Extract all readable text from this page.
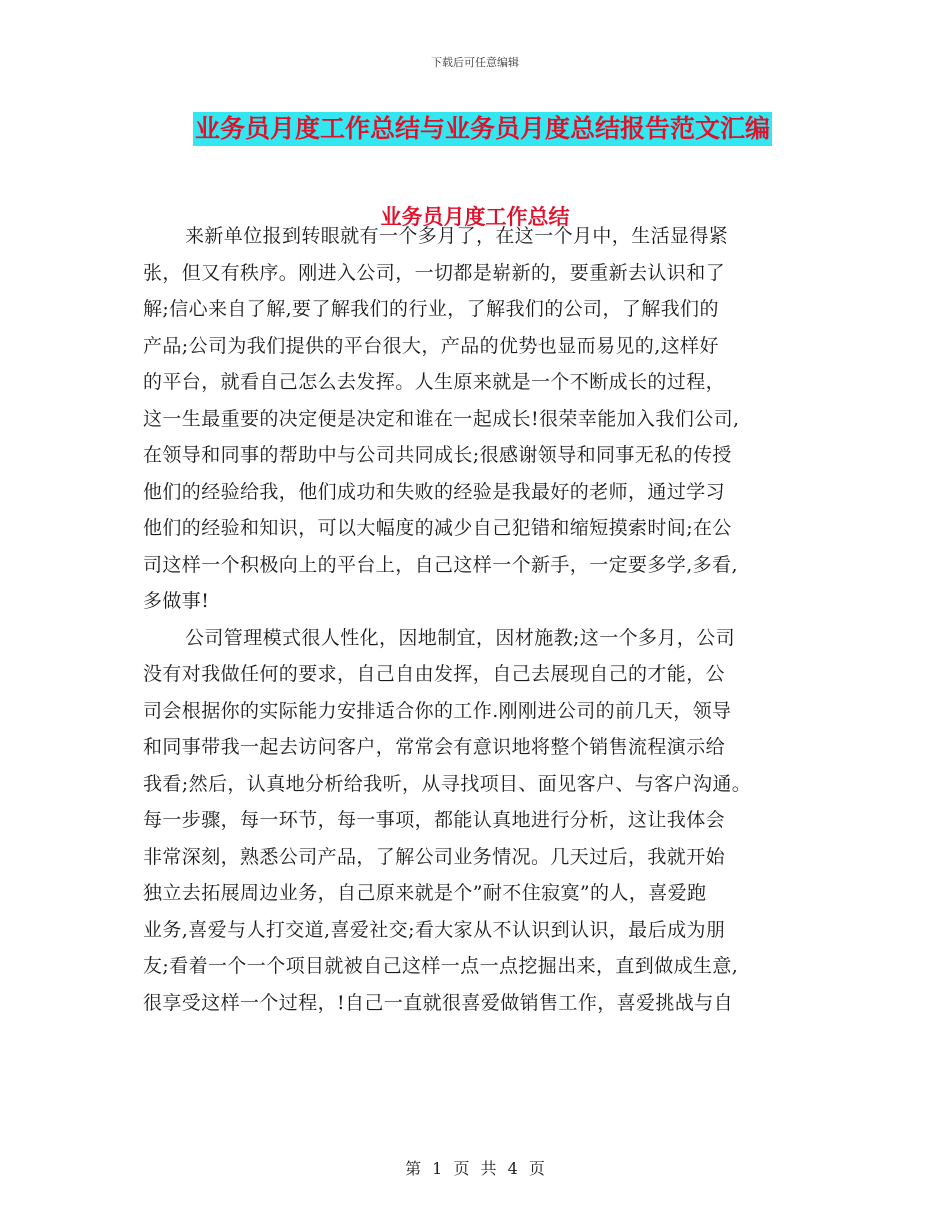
下载后可任意编辑
业务员月度工作总结与业务员月度总结报告范文汇编
业务员月度工作总结
来新单位报到转眼就有一个多月了，在这一个月中，生活显得紧
张，但又有秩序。刚进入公司，一切都是崭新的，要重新去认识和了
解;信心来自了解,要了解我们的行业，了解我们的公司，了解我们的
产品;公司为我们提供的平台很大，产品的优势也显而易见的,这样好
的平台，就看自己怎么去发挥。人生原来就是一个不断成长的过程，
这一生最重要的决定便是决定和谁在一起成长!很荣幸能加入我们公司,
在领导和同事的帮助中与公司共同成长;很感谢领导和同事无私的传授
他们的经验给我，他们成功和失败的经验是我最好的老师，通过学习
他们的经验和知识，可以大幅度的减少自己犯错和缩短摸索时间;在公
司这样一个积极向上的平台上，自己这样一个新手，一定要多学,多看,
多做事!
公司管理模式很人性化，因地制宜，因材施教;这一个多月，公司
没有对我做任何的要求，自己自由发挥，自己去展现自己的才能，公
司会根据你的实际能力安排适合你的工作.刚刚进公司的前几天，领导
和同事带我一起去访问客户，常常会有意识地将整个销售流程演示给
我看;然后，认真地分析给我听，从寻找项目、面见客户、与客户沟通。
每一步骤，每一环节，每一事项，都能认真地进行分析，这让我体会
非常深刻，熟悉公司产品，了解公司业务情况。几天过后，我就开始
独立去拓展周边业务，自己原来就是个”耐不住寂寞”的人，喜爱跑
业务,喜爱与人打交道,喜爱社交;看大家从不认识到认识，最后成为朋
友;看着一个一个项目就被自己这样一点一点挖掘出来，直到做成生意,
很享受这样一个过程，!自己一直就很喜爱做销售工作，喜爱挑战与自
第 1 页 共 4 页
